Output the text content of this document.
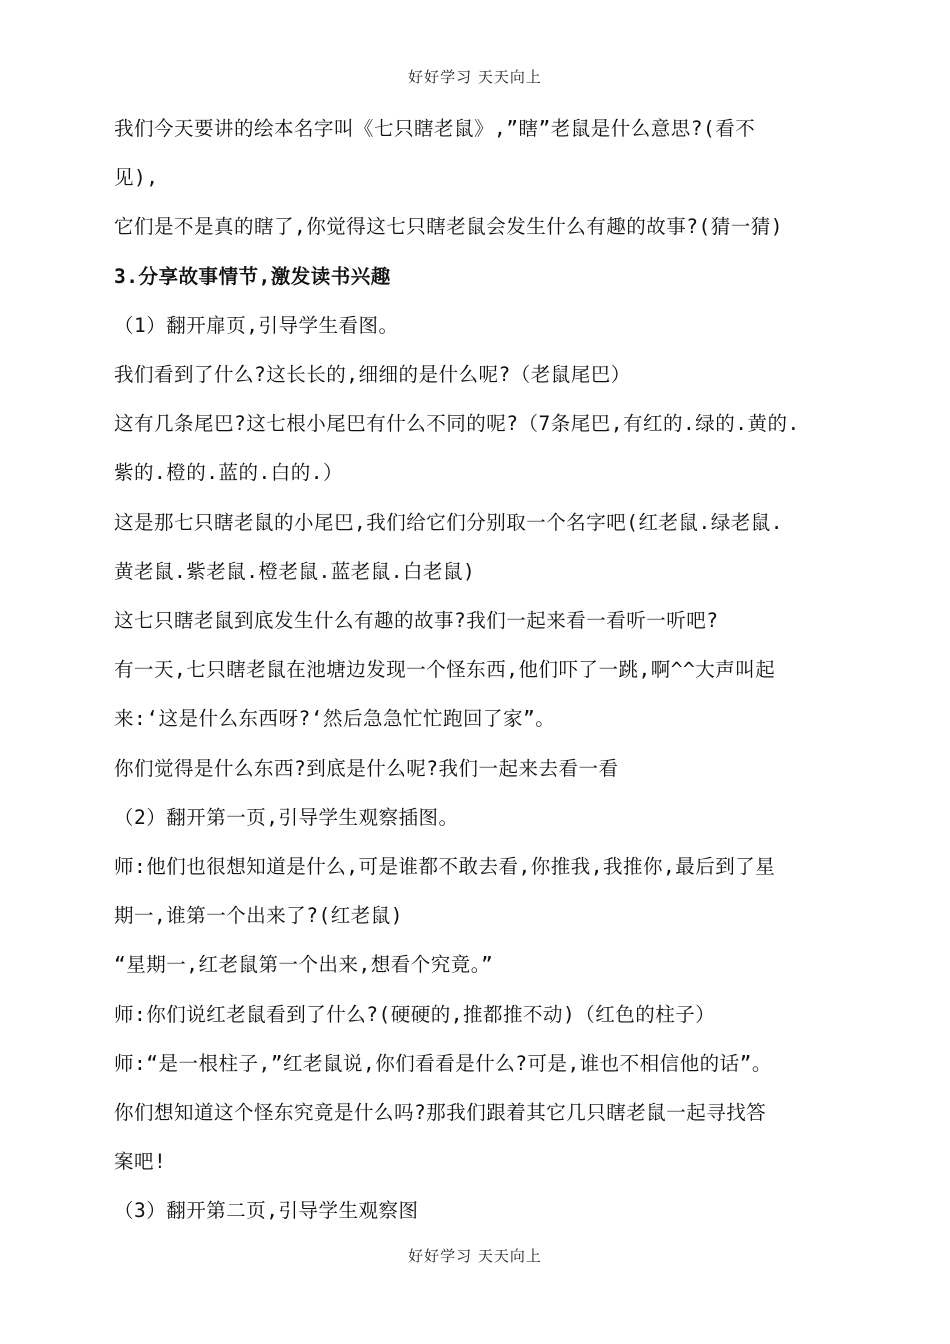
好好学习 天天向上

我们今天要讲的绘本名字叫《七只瞎老鼠》,”瞎”老鼠是什么意思?(看不

见),

它们是不是真的瞎了,你觉得这七只瞎老鼠会发生什么有趣的故事?(猜一猜)

3.分享故事情节,激发读书兴趣

（1）翻开扉页,引导学生看图。

我们看到了什么?这长长的,细细的是什么呢?（老鼠尾巴）

这有几条尾巴?这七根小尾巴有什么不同的呢?（7条尾巴,有红的.绿的.黄的.

紫的.橙的.蓝的.白的.）

这是那七只瞎老鼠的小尾巴,我们给它们分别取一个名字吧(红老鼠.绿老鼠.

黄老鼠.紫老鼠.橙老鼠.蓝老鼠.白老鼠)

这七只瞎老鼠到底发生什么有趣的故事?我们一起来看一看听一听吧?

有一天,七只瞎老鼠在池塘边发现一个怪东西,他们吓了一跳,啊^^大声叫起

来:‘这是什么东西呀?‘然后急急忙忙跑回了家”。

你们觉得是什么东西?到底是什么呢?我们一起来去看一看

（2）翻开第一页,引导学生观察插图。

师:他们也很想知道是什么,可是谁都不敢去看,你推我,我推你,最后到了星

期一,谁第一个出来了?(红老鼠)

“星期一,红老鼠第一个出来,想看个究竟。”

师:你们说红老鼠看到了什么?(硬硬的,推都推不动)（红色的柱子）

师:“是一根柱子,”红老鼠说,你们看看是什么?可是,谁也不相信他的话”。

你们想知道这个怪东究竟是什么吗?那我们跟着其它几只瞎老鼠一起寻找答

案吧!

（3）翻开第二页,引导学生观察图

好好学习 天天向上
